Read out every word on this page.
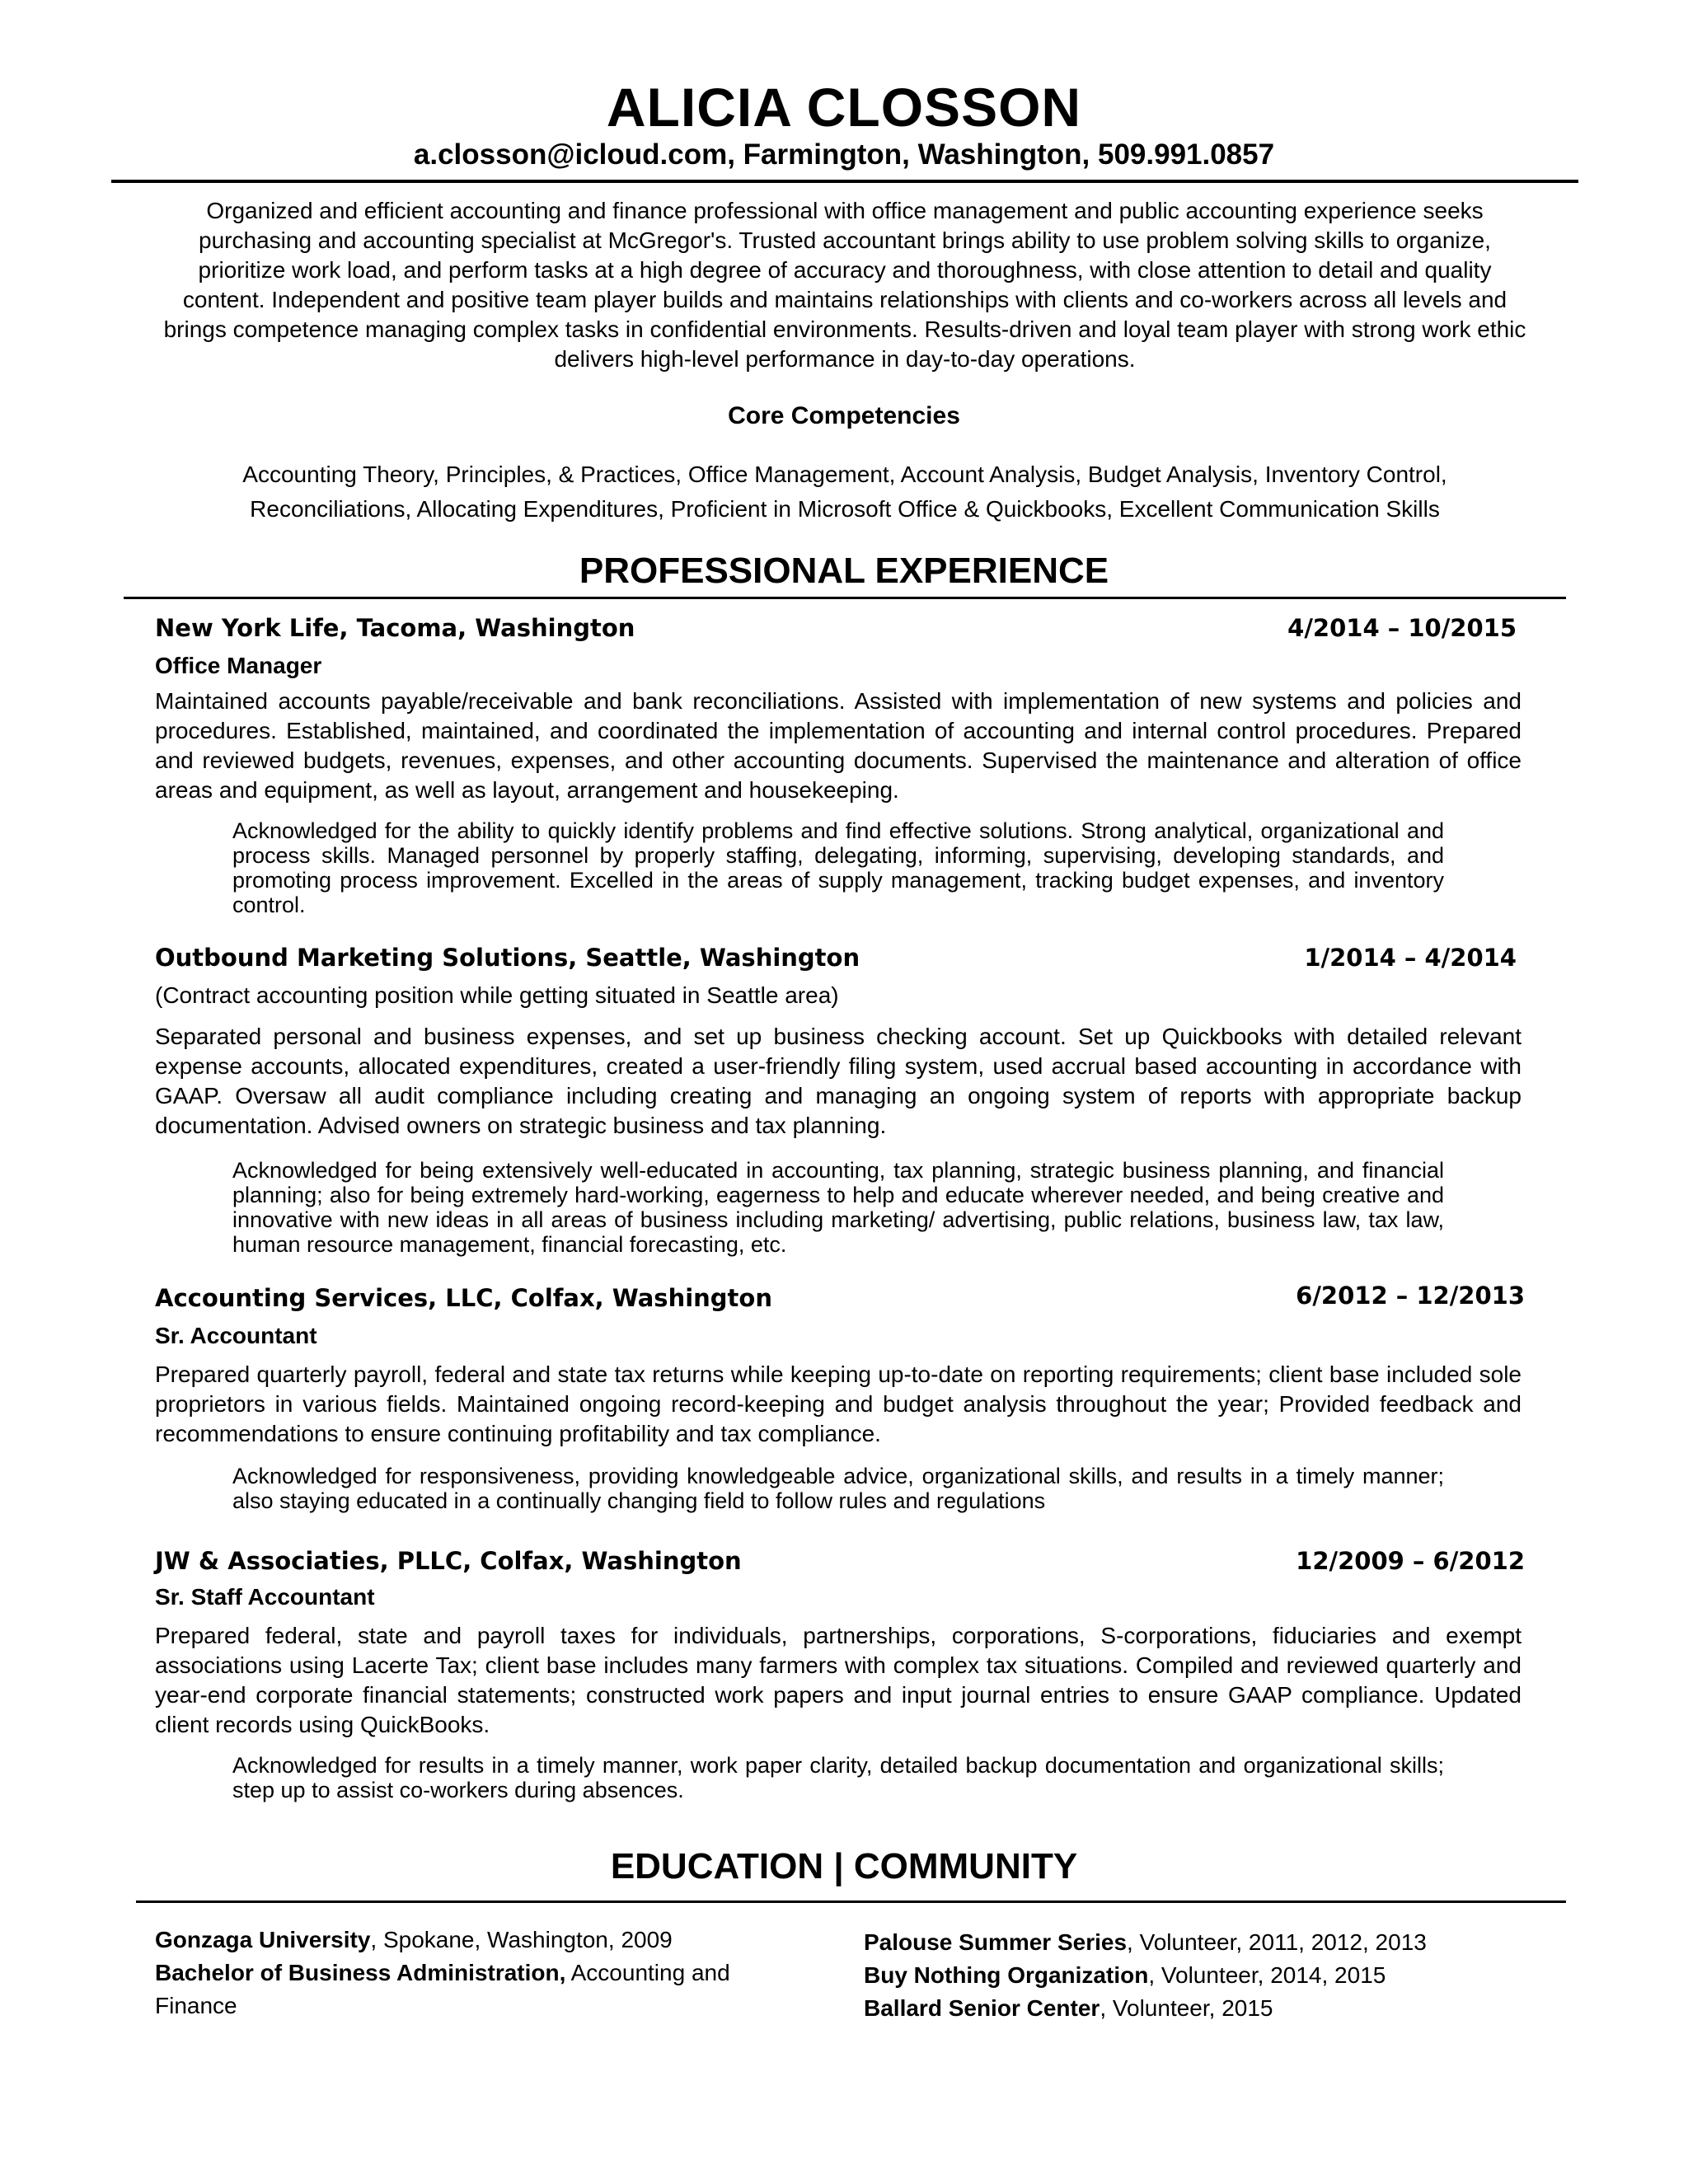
ALICIA CLOSSON
a.closson@icloud.com, Farmington, Washington, 509.991.0857
Organized and efficient accounting and finance professional with office management and public accounting experience seeks purchasing and accounting specialist at McGregor's. Trusted accountant brings ability to use problem solving skills to organize, prioritize work load, and perform tasks at a high degree of accuracy and thoroughness, with close attention to detail and quality content. Independent and positive team player builds and maintains relationships with clients and co-workers across all levels and brings competence managing complex tasks in confidential environments. Results-driven and loyal team player with strong work ethic delivers high-level performance in day-to-day operations.
Core Competencies
Accounting Theory, Principles, & Practices, Office Management, Account Analysis, Budget Analysis, Inventory Control,
Reconciliations, Allocating Expenditures, Proficient in Microsoft Office & Quickbooks, Excellent Communication Skills
PROFESSIONAL EXPERIENCE
New York Life, Tacoma, Washington	4/2014 – 10/2015
Office Manager
Maintained accounts payable/receivable and bank reconciliations. Assisted with implementation of new systems and policies and procedures. Established, maintained, and coordinated the implementation of accounting and internal control procedures. Prepared and reviewed budgets, revenues, expenses, and other accounting documents. Supervised the maintenance and alteration of office areas and equipment, as well as layout, arrangement and housekeeping.
Acknowledged for the ability to quickly identify problems and find effective solutions. Strong analytical, organizational and process skills. Managed personnel by properly staffing, delegating, informing, supervising, developing standards, and promoting process improvement. Excelled in the areas of supply management, tracking budget expenses, and inventory control.
Outbound Marketing Solutions, Seattle, Washington	1/2014 – 4/2014
(Contract accounting position while getting situated in Seattle area)
Separated personal and business expenses, and set up business checking account. Set up Quickbooks with detailed relevant expense accounts, allocated expenditures, created a user-friendly filing system, used accrual based accounting in accordance with GAAP. Oversaw all audit compliance including creating and managing an ongoing system of reports with appropriate backup documentation. Advised owners on strategic business and tax planning.
Acknowledged for being extensively well-educated in accounting, tax planning, strategic business planning, and financial planning; also for being extremely hard-working, eagerness to help and educate wherever needed, and being creative and innovative with new ideas in all areas of business including marketing/ advertising, public relations, business law, tax law, human resource management, financial forecasting, etc.
Accounting Services, LLC, Colfax, Washington	6/2012 – 12/2013
Sr. Accountant
Prepared quarterly payroll, federal and state tax returns while keeping up-to-date on reporting requirements; client base included sole proprietors in various fields. Maintained ongoing record-keeping and budget analysis throughout the year; Provided feedback and recommendations to ensure continuing profitability and tax compliance.
Acknowledged for responsiveness, providing knowledgeable advice, organizational skills, and results in a timely manner; also staying educated in a continually changing field to follow rules and regulations
JW & Associaties, PLLC, Colfax, Washington	12/2009 – 6/2012
Sr. Staff Accountant
Prepared federal, state and payroll taxes for individuals, partnerships, corporations, S-corporations, fiduciaries and exempt associations using Lacerte Tax; client base includes many farmers with complex tax situations. Compiled and reviewed quarterly and year-end corporate financial statements; constructed work papers and input journal entries to ensure GAAP compliance. Updated client records using QuickBooks.
Acknowledged for results in a timely manner, work paper clarity, detailed backup documentation and organizational skills; step up to assist co-workers during absences.
EDUCATION | COMMUNITY
Gonzaga University, Spokane, Washington, 2009
Bachelor of Business Administration, Accounting and Finance
Palouse Summer Series, Volunteer, 2011, 2012, 2013
Buy Nothing Organization, Volunteer, 2014, 2015
Ballard Senior Center, Volunteer, 2015
